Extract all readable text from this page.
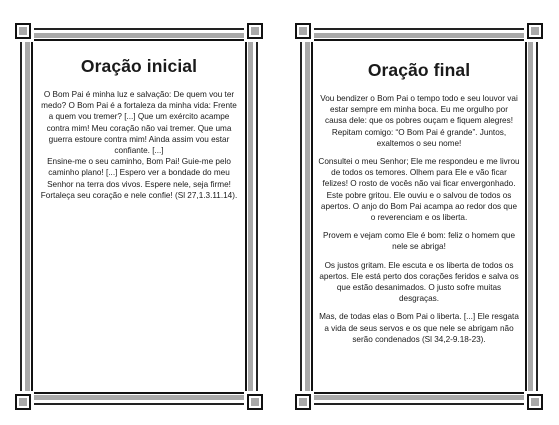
Oração inicial

O Bom Pai é minha luz e salvação: De quem vou ter medo? O Bom Pai é a fortaleza da minha vida: Frente a quem vou tremer? [...] Que um exército acampe contra mim! Meu coração não vai tremer. Que uma guerra estoure contra mim! Ainda assim vou estar confiante. [...]

Ensine-me o seu caminho, Bom Pai! Guie-me pelo caminho plano! [...] Espero ver a bondade do meu Senhor na terra dos vivos. Espere nele, seja firme! Fortaleça seu coração e nele confie! (Sl 27,1.3.11.14).

Oração final

Vou bendizer o Bom Pai o tempo todo e seu louvor vai estar sempre em minha boca. Eu me orgulho por causa dele: que os pobres ouçam e fiquem alegres! Repitam comigo: “O Bom Pai é grande”. Juntos, exaltemos o seu nome!

Consultei o meu Senhor; Ele me respondeu e me livrou de todos os temores. Olhem para Ele e vão ficar felizes! O rosto de vocês não vai ficar envergonhado. Este pobre gritou. Ele ouviu e o salvou de todos os apertos. O anjo do Bom Pai acampa ao redor dos que o reverenciam e os liberta.

Provem e vejam como Ele é bom: feliz o homem que nele se abriga!

Os justos gritam. Ele escuta e os liberta de todos os apertos. Ele está perto dos corações feridos e salva os que estão desanimados. O justo sofre muitas desgraças.

Mas, de todas elas o Bom Pai o liberta. [...] Ele resgata a vida de seus servos e os que nele se abrigam não serão condenados (Sl 34,2-9.18-23).
